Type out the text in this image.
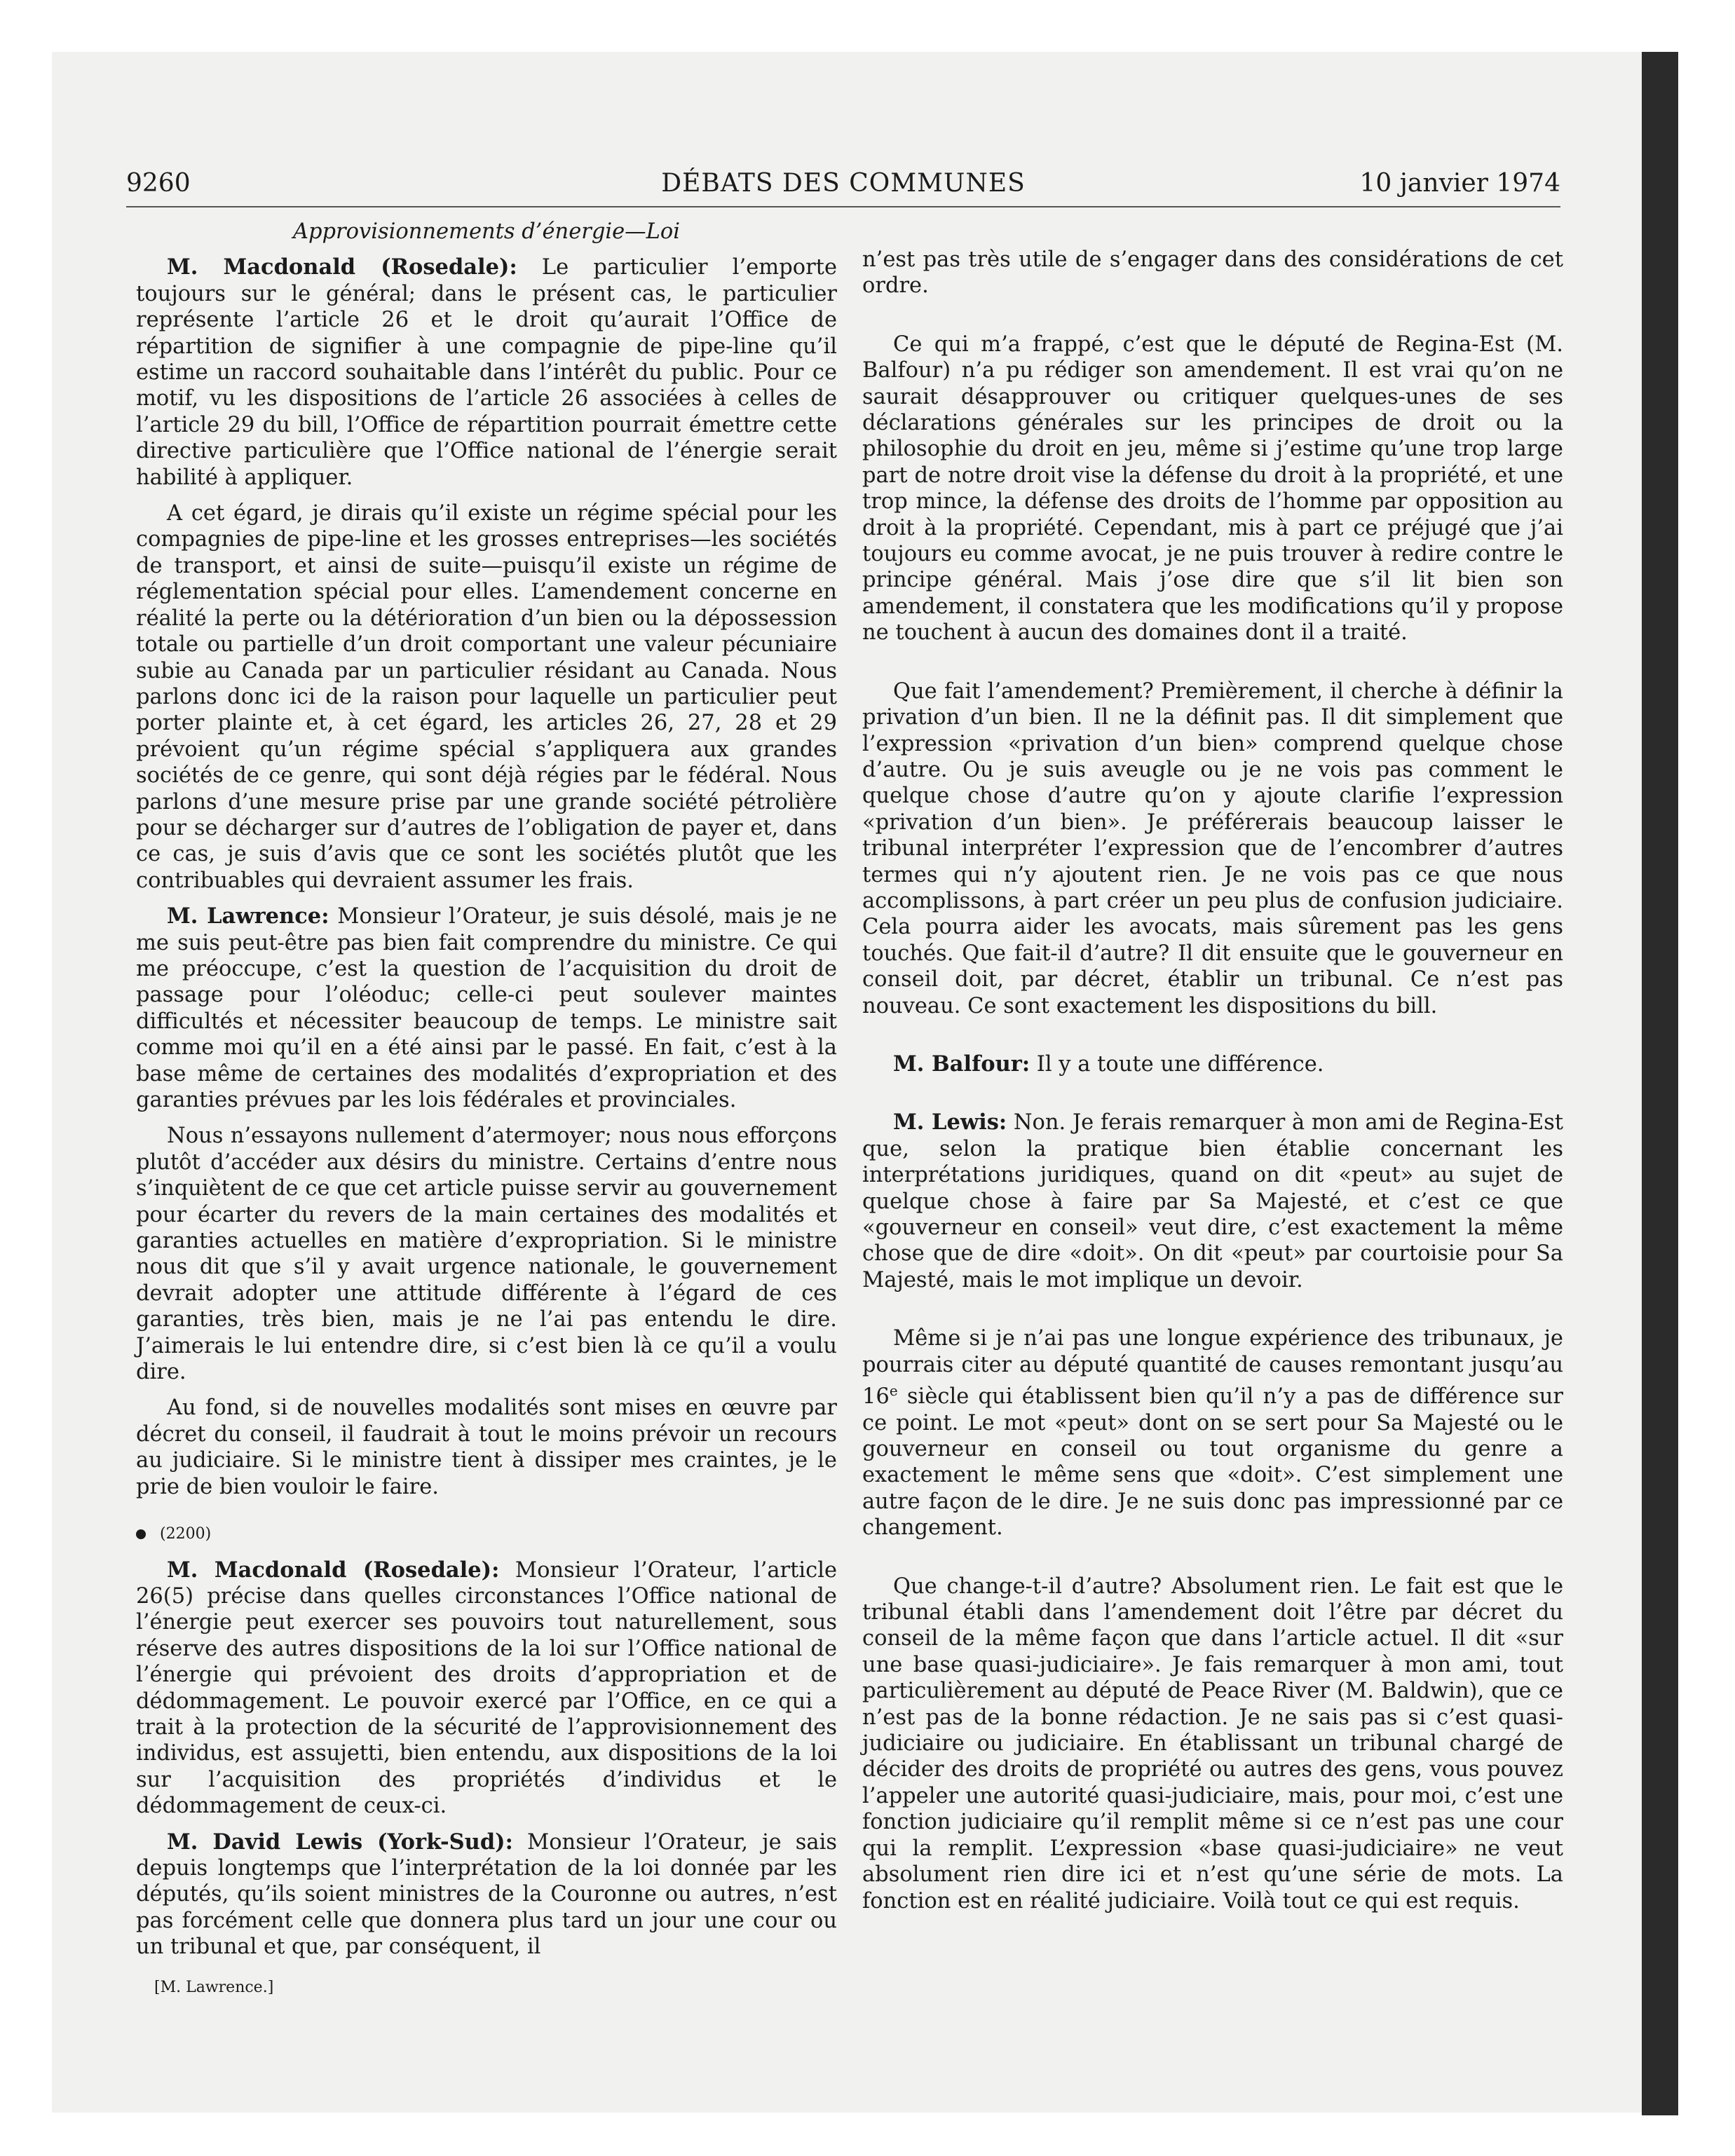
9260	DÉBATS DES COMMUNES	10 janvier 1974

Approvisionnements d’énergie—Loi

M. Macdonald (Rosedale): Le particulier l’emporte toujours sur le général; dans le présent cas, le particulier représente l’article 26 et le droit qu’aurait l’Office de répartition de signifier à une compagnie de pipe-line qu’il estime un raccord souhaitable dans l’intérêt du public. Pour ce motif, vu les dispositions de l’article 26 associées à celles de l’article 29 du bill, l’Office de répartition pourrait émettre cette directive particulière que l’Office national de l’énergie serait habilité à appliquer.

A cet égard, je dirais qu’il existe un régime spécial pour les compagnies de pipe-line et les grosses entreprises—les sociétés de transport, et ainsi de suite—puisqu’il existe un régime de réglementation spécial pour elles. L’amendement concerne en réalité la perte ou la détérioration d’un bien ou la dépossession totale ou partielle d’un droit comportant une valeur pécuniaire subie au Canada par un particulier résidant au Canada. Nous parlons donc ici de la raison pour laquelle un particulier peut porter plainte et, à cet égard, les articles 26, 27, 28 et 29 prévoient qu’un régime spécial s’appliquera aux grandes sociétés de ce genre, qui sont déjà régies par le fédéral. Nous parlons d’une mesure prise par une grande société pétrolière pour se décharger sur d’autres de l’obligation de payer et, dans ce cas, je suis d’avis que ce sont les sociétés plutôt que les contribuables qui devraient assumer les frais.

M. Lawrence: Monsieur l’Orateur, je suis désolé, mais je ne me suis peut-être pas bien fait comprendre du ministre. Ce qui me préoccupe, c’est la question de l’acquisition du droit de passage pour l’oléoduc; celle-ci peut soulever maintes difficultés et nécessiter beaucoup de temps. Le ministre sait comme moi qu’il en a été ainsi par le passé. En fait, c’est à la base même de certaines des modalités d’expropriation et des garanties prévues par les lois fédérales et provinciales.

Nous n’essayons nullement d’atermoyer; nous nous efforçons plutôt d’accéder aux désirs du ministre. Certains d’entre nous s’inquiètent de ce que cet article puisse servir au gouvernement pour écarter du revers de la main certaines des modalités et garanties actuelles en matière d’expropriation. Si le ministre nous dit que s’il y avait urgence nationale, le gouvernement devrait adopter une attitude différente à l’égard de ces garanties, très bien, mais je ne l’ai pas entendu le dire. J’aimerais le lui entendre dire, si c’est bien là ce qu’il a voulu dire.

Au fond, si de nouvelles modalités sont mises en œuvre par décret du conseil, il faudrait à tout le moins prévoir un recours au judiciaire. Si le ministre tient à dissiper mes craintes, je le prie de bien vouloir le faire.

(2200)

M. Macdonald (Rosedale): Monsieur l’Orateur, l’article 26(5) précise dans quelles circonstances l’Office national de l’énergie peut exercer ses pouvoirs tout naturellement, sous réserve des autres dispositions de la loi sur l’Office national de l’énergie qui prévoient des droits d’appropriation et de dédommagement. Le pouvoir exercé par l’Office, en ce qui a trait à la protection de la sécurité de l’approvisionnement des individus, est assujetti, bien entendu, aux dispositions de la loi sur l’acquisition des propriétés d’individus et le dédommagement de ceux-ci.

M. David Lewis (York-Sud): Monsieur l’Orateur, je sais depuis longtemps que l’interprétation de la loi donnée par les députés, qu’ils soient ministres de la Couronne ou autres, n’est pas forcément celle que donnera plus tard un jour une cour ou un tribunal et que, par conséquent, il

[M. Lawrence.]

n’est pas très utile de s’engager dans des considérations de cet ordre.

Ce qui m’a frappé, c’est que le député de Regina-Est (M. Balfour) n’a pu rédiger son amendement. Il est vrai qu’on ne saurait désapprouver ou critiquer quelques-unes de ses déclarations générales sur les principes de droit ou la philosophie du droit en jeu, même si j’estime qu’une trop large part de notre droit vise la défense du droit à la propriété, et une trop mince, la défense des droits de l’homme par opposition au droit à la propriété. Cependant, mis à part ce préjugé que j’ai toujours eu comme avocat, je ne puis trouver à redire contre le principe général. Mais j’ose dire que s’il lit bien son amendement, il constatera que les modifications qu’il y propose ne touchent à aucun des domaines dont il a traité.

Que fait l’amendement? Premièrement, il cherche à définir la privation d’un bien. Il ne la définit pas. Il dit simplement que l’expression «privation d’un bien» comprend quelque chose d’autre. Ou je suis aveugle ou je ne vois pas comment le quelque chose d’autre qu’on y ajoute clarifie l’expression «privation d’un bien». Je préférerais beaucoup laisser le tribunal interpréter l’expression que de l’encombrer d’autres termes qui n’y ajoutent rien. Je ne vois pas ce que nous accomplissons, à part créer un peu plus de confusion judiciaire. Cela pourra aider les avocats, mais sûrement pas les gens touchés. Que fait-il d’autre? Il dit ensuite que le gouverneur en conseil doit, par décret, établir un tribunal. Ce n’est pas nouveau. Ce sont exactement les dispositions du bill.

M. Balfour: Il y a toute une différence.

M. Lewis: Non. Je ferais remarquer à mon ami de Regina-Est que, selon la pratique bien établie concernant les interprétations juridiques, quand on dit «peut» au sujet de quelque chose à faire par Sa Majesté, et c’est ce que «gouverneur en conseil» veut dire, c’est exactement la même chose que de dire «doit». On dit «peut» par courtoisie pour Sa Majesté, mais le mot implique un devoir.

Même si je n’ai pas une longue expérience des tribunaux, je pourrais citer au député quantité de causes remontant jusqu’au 16e siècle qui établissent bien qu’il n’y a pas de différence sur ce point. Le mot «peut» dont on se sert pour Sa Majesté ou le gouverneur en conseil ou tout organisme du genre a exactement le même sens que «doit». C’est simplement une autre façon de le dire. Je ne suis donc pas impressionné par ce changement.

Que change-t-il d’autre? Absolument rien. Le fait est que le tribunal établi dans l’amendement doit l’être par décret du conseil de la même façon que dans l’article actuel. Il dit «sur une base quasi-judiciaire». Je fais remarquer à mon ami, tout particulièrement au député de Peace River (M. Baldwin), que ce n’est pas de la bonne rédaction. Je ne sais pas si c’est quasi-judiciaire ou judiciaire. En établissant un tribunal chargé de décider des droits de propriété ou autres des gens, vous pouvez l’appeler une autorité quasi-judiciaire, mais, pour moi, c’est une fonction judiciaire qu’il remplit même si ce n’est pas une cour qui la remplit. L’expression «base quasi-judiciaire» ne veut absolument rien dire ici et n’est qu’une série de mots. La fonction est en réalité judiciaire. Voilà tout ce qui est requis.
